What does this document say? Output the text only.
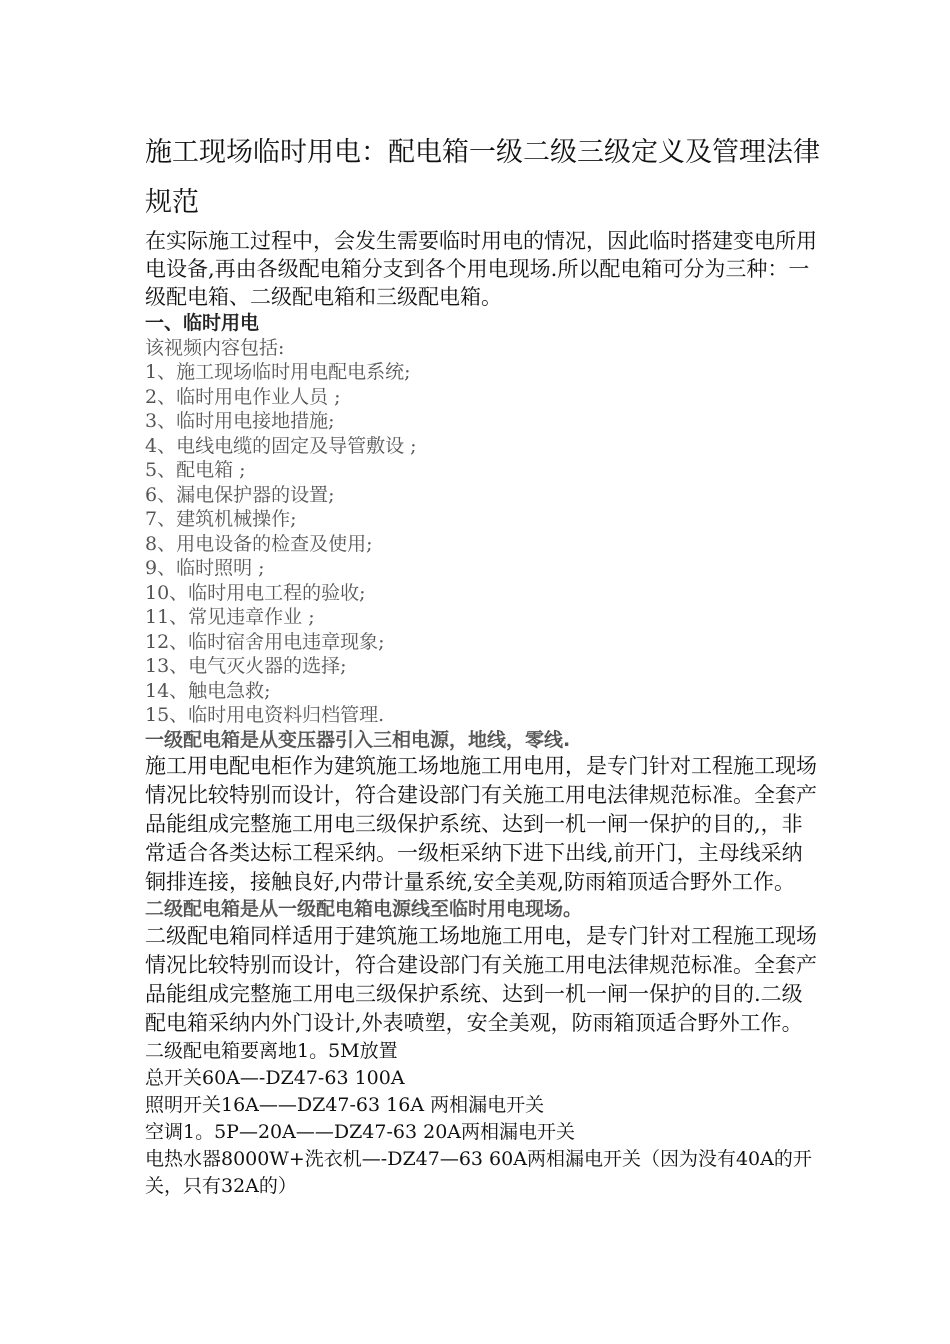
施工现场临时用电：配电箱一级二级三级定义及管理法律规范

在实际施工过程中，会发生需要临时用电的情况，因此临时搭建变电所用电设备,再由各级配电箱分支到各个用电现场.所以配电箱可分为三种：一级配电箱、二级配电箱和三级配电箱。

一、临时用电

该视频内容包括:

1、施工现场临时用电配电系统;
2、临时用电作业人员 ;
3、临时用电接地措施;
4、电线电缆的固定及导管敷设 ;
5、配电箱 ;
6、漏电保护器的设置;
7、建筑机械操作;
8、用电设备的检查及使用;
9、临时照明 ;
10、临时用电工程的验收;
11、常见违章作业 ;
12、临时宿舍用电违章现象;
13、电气灭火器的选择;
14、触电急救;
15、临时用电资料归档管理.

一级配电箱是从变压器引入三相电源，地线，零线.

施工用电配电柜作为建筑施工场地施工用电用，是专门针对工程施工现场情况比较特别而设计，符合建设部门有关施工用电法律规范标准。全套产品能组成完整施工用电三级保护系统、达到一机一闸一保护的目的,，非常适合各类达标工程采纳。一级柜采纳下进下出线,前开门，主母线采纳铜排连接，接触良好,内带计量系统,安全美观,防雨箱顶适合野外工作。

二级配电箱是从一级配电箱电源线至临时用电现场。

二级配电箱同样适用于建筑施工场地施工用电，是专门针对工程施工现场情况比较特别而设计，符合建设部门有关施工用电法律规范标准。全套产品能组成完整施工用电三级保护系统、达到一机一闸一保护的目的.二级配电箱采纳内外门设计,外表喷塑，安全美观，防雨箱顶适合野外工作。

二级配电箱要离地1。5M放置

总开关60A—-DZ47-63 100A

照明开关16A——DZ47-63 16A 两相漏电开关

空调1。5P—20A——DZ47-63 20A两相漏电开关

电热水器8000W+洗衣机—-DZ47—63 60A两相漏电开关（因为没有40A的开关，只有32A的）
